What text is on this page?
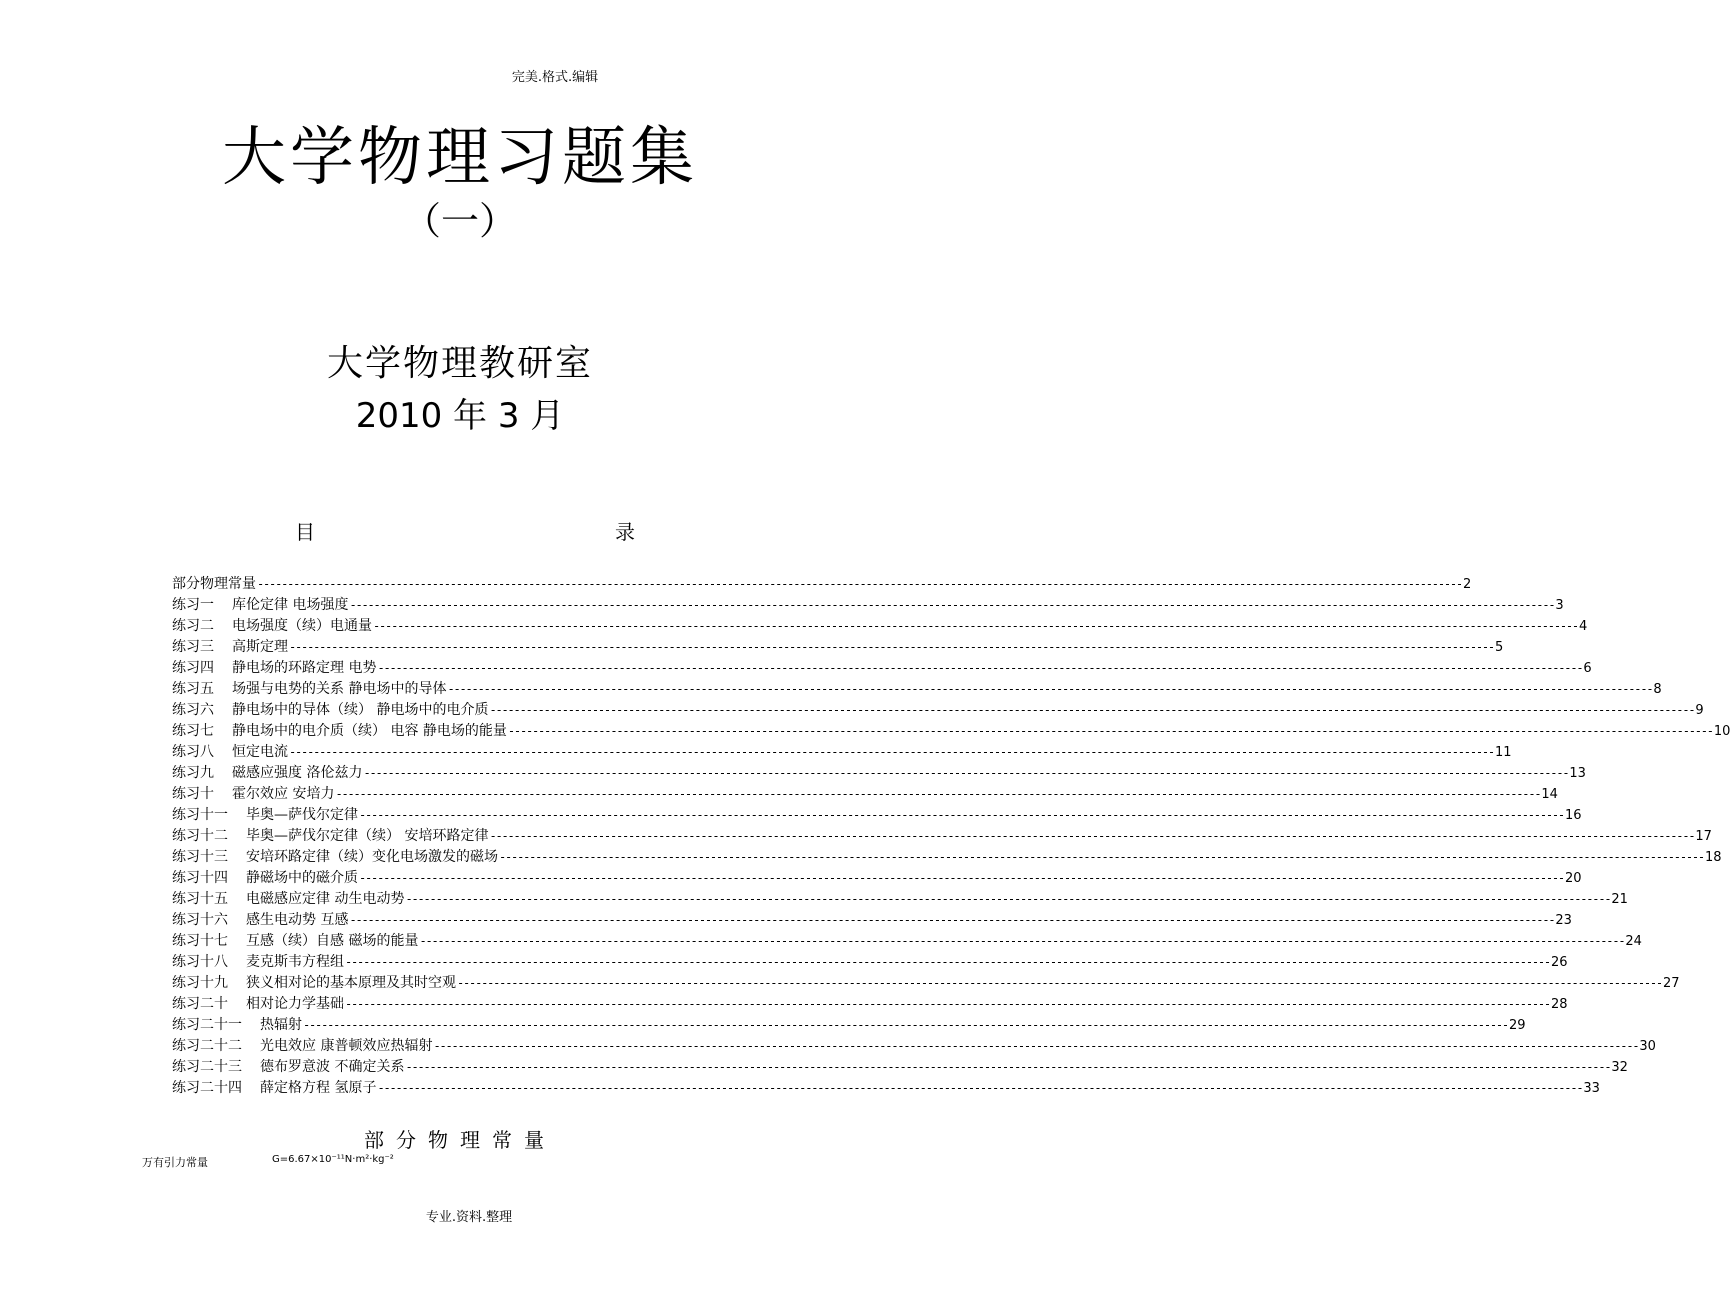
完美.格式.编辑
大学物理习题集
（一）
大学物理教研室
2010 年 3 月
目	录
部分物理常量 -------------------------------------------------------------------------------------------------------------------------------------------------------------------------------------------------------- 2
练习一 库伦定律 电场强度 -------------------------------------------------------------------------------------------------------------------------------------------------------------------------------------------------------- 3
练习二 电场强度（续）电通量 -------------------------------------------------------------------------------------------------------------------------------------------------------------------------------------------------------- 4
练习三 高斯定理 -------------------------------------------------------------------------------------------------------------------------------------------------------------------------------------------------------- 5
练习四 静电场的环路定理 电势 -------------------------------------------------------------------------------------------------------------------------------------------------------------------------------------------------------- 6
练习五 场强与电势的关系 静电场中的导体 -------------------------------------------------------------------------------------------------------------------------------------------------------------------------------------------------------- 8
练习六 静电场中的导体（续） 静电场中的电介质 -------------------------------------------------------------------------------------------------------------------------------------------------------------------------------------------------------- 9
练习七 静电场中的电介质（续） 电容 静电场的能量 -------------------------------------------------------------------------------------------------------------------------------------------------------------------------------------------------------- 10
练习八 恒定电流 -------------------------------------------------------------------------------------------------------------------------------------------------------------------------------------------------------- 11
练习九 磁感应强度 洛伦兹力 -------------------------------------------------------------------------------------------------------------------------------------------------------------------------------------------------------- 13
练习十 霍尔效应 安培力 -------------------------------------------------------------------------------------------------------------------------------------------------------------------------------------------------------- 14
练习十一 毕奥—萨伐尔定律 -------------------------------------------------------------------------------------------------------------------------------------------------------------------------------------------------------- 16
练习十二 毕奥—萨伐尔定律（续） 安培环路定律 -------------------------------------------------------------------------------------------------------------------------------------------------------------------------------------------------------- 17
练习十三 安培环路定律（续）变化电场激发的磁场 -------------------------------------------------------------------------------------------------------------------------------------------------------------------------------------------------------- 18
练习十四 静磁场中的磁介质 -------------------------------------------------------------------------------------------------------------------------------------------------------------------------------------------------------- 20
练习十五 电磁感应定律 动生电动势 -------------------------------------------------------------------------------------------------------------------------------------------------------------------------------------------------------- 21
练习十六 感生电动势 互感 -------------------------------------------------------------------------------------------------------------------------------------------------------------------------------------------------------- 23
练习十七 互感（续）自感 磁场的能量 -------------------------------------------------------------------------------------------------------------------------------------------------------------------------------------------------------- 24
练习十八 麦克斯韦方程组 -------------------------------------------------------------------------------------------------------------------------------------------------------------------------------------------------------- 26
练习十九 狭义相对论的基本原理及其时空观 -------------------------------------------------------------------------------------------------------------------------------------------------------------------------------------------------------- 27
练习二十 相对论力学基础 -------------------------------------------------------------------------------------------------------------------------------------------------------------------------------------------------------- 28
练习二十一 热辐射 -------------------------------------------------------------------------------------------------------------------------------------------------------------------------------------------------------- 29
练习二十二 光电效应 康普顿效应热辐射 -------------------------------------------------------------------------------------------------------------------------------------------------------------------------------------------------------- 30
练习二十三 德布罗意波 不确定关系 -------------------------------------------------------------------------------------------------------------------------------------------------------------------------------------------------------- 32
练习二十四 薛定格方程 氢原子 -------------------------------------------------------------------------------------------------------------------------------------------------------------------------------------------------------- 33
部分物理常量
万有引力常量	G=6.67×10⁻¹¹N·m²·kg⁻²
专业.资料.整理
